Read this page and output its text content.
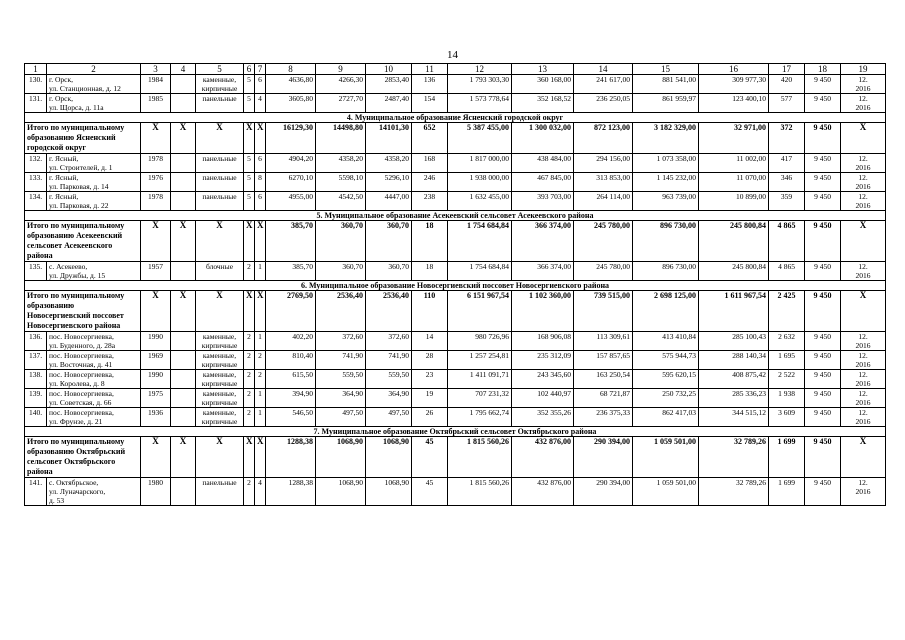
14
1	2	3	4	5	6	7	8	9	10	11	12	13	14	15	16	17	18	19
130.	г. Орск,
ул. Станционная, д. 12	1984		каменные,
кирпичные	5	6	4636,80	4266,30	2853,40	136	1 793 303,30	360 168,00	241 617,00	881 541,00	309 977,30	420	9 450	12.
2016
131.	г. Орск,
ул. Щорса, д. 11а	1985		панельные	5	4	3605,80	2727,70	2487,40	154	1 573 778,64	352 168,52	236 250,05	861 959,97	123 400,10	577	9 450	12.
2016
4. Муниципальное образование Ясненский городской округ																		
Итого по муниципальному образованию Ясненский городской округ		X	X	X	X	X	16129,30	14498,80	14101,30	652	5 387 455,00	1 300 032,00	872 123,00	3 182 329,00	32 971,00	372	9 450	X
132.	г. Ясный,
ул. Строителей, д. 1	1978		панельные	5	6	4904,20	4358,20	4358,20	168	1 817 000,00	438 484,00	294 156,00	1 073 358,00	11 002,00	417	9 450	12.
2016
133.	г. Ясный,
ул. Парковая, д. 14	1976		панельные	5	8	6270,10	5598,10	5296,10	246	1 938 000,00	467 845,00	313 853,00	1 145 232,00	11 070,00	346	9 450	12.
2016
134.	г. Ясный,
ул. Парковая, д. 22	1978		панельные	5	6	4955,00	4542,50	4447,00	238	1 632 455,00	393 703,00	264 114,00	963 739,00	10 899,00	359	9 450	12.
2016
5. Муниципальное образование Асекеевский сельсовет Асекеевского района																		
Итого по муниципальному образованию Асекеевский сельсовет Асекеевского района		X	X	X	X	X	385,70	360,70	360,70	18	1 754 684,84	366 374,00	245 780,00	896 730,00	245 800,84	4 865	9 450	X
135.	с. Асекеево,
ул. Дружбы, д. 15	1957		блочные	2	1	385,70	360,70	360,70	18	1 754 684,84	366 374,00	245 780,00	896 730,00	245 800,84	4 865	9 450	12.
2016
6. Муниципальное образование Новосергиевский поссовет Новосергиевского района																		
Итого по муниципальному образованию Новосергиевский поссовет Новосергиевского района		X	X	X	X	X	2769,50	2536,40	2536,40	110	6 151 967,54	1 102 360,00	739 515,00	2 698 125,00	1 611 967,54	2 425	9 450	X
136.	пос. Новосергиевка,
ул. Буденного, д. 28а	1990		каменные,
кирпичные	2	1	402,20	372,60	372,60	14	980 726,96	168 906,08	113 309,61	413 410,84	285 100,43	2 632	9 450	12.
2016
137.	пос. Новосергиевка,
ул. Восточная, д. 41	1969		каменные,
кирпичные	2	2	810,40	741,90	741,90	28	1 257 254,81	235 312,09	157 857,65	575 944,73	288 140,34	1 695	9 450	12.
2016
138.	пос. Новосергиевка,
ул. Королева, д. 8	1990		каменные,
кирпичные	2	2	615,50	559,50	559,50	23	1 411 091,71	243 345,60	163 250,54	595 620,15	408 875,42	2 522	9 450	12.
2016
139.	пос. Новосергиевка,
ул. Советская, д. 66	1975		каменные,
кирпичные	2	1	394,90	364,90	364,90	19	707 231,32	102 440,97	68 721,87	250 732,25	285 336,23	1 938	9 450	12.
2016
140.	пос. Новосергиевка,
ул. Фрунзе, д. 21	1936		каменные,
кирпичные	2	1	546,50	497,50	497,50	26	1 795 662,74	352 355,26	236 375,33	862 417,03	344 515,12	3 609	9 450	12.
2016
7. Муниципальное образование Октябрьский сельсовет Октябрьского района																		
Итого по муниципальному образованию Октябрьский сельсовет Октябрьского района		X	X	X	X	X	1288,38	1068,90	1068,90	45	1 815 560,26	432 876,00	290 394,00	1 059 501,00	32 789,26	1 699	9 450	X
141.	с. Октябрьское,
ул. Луначарского,
д. 53	1980		панельные	2	4	1288,38	1068,90	1068,90	45	1 815 560,26	432 876,00	290 394,00	1 059 501,00	32 789,26	1 699	9 450	12.
2016
